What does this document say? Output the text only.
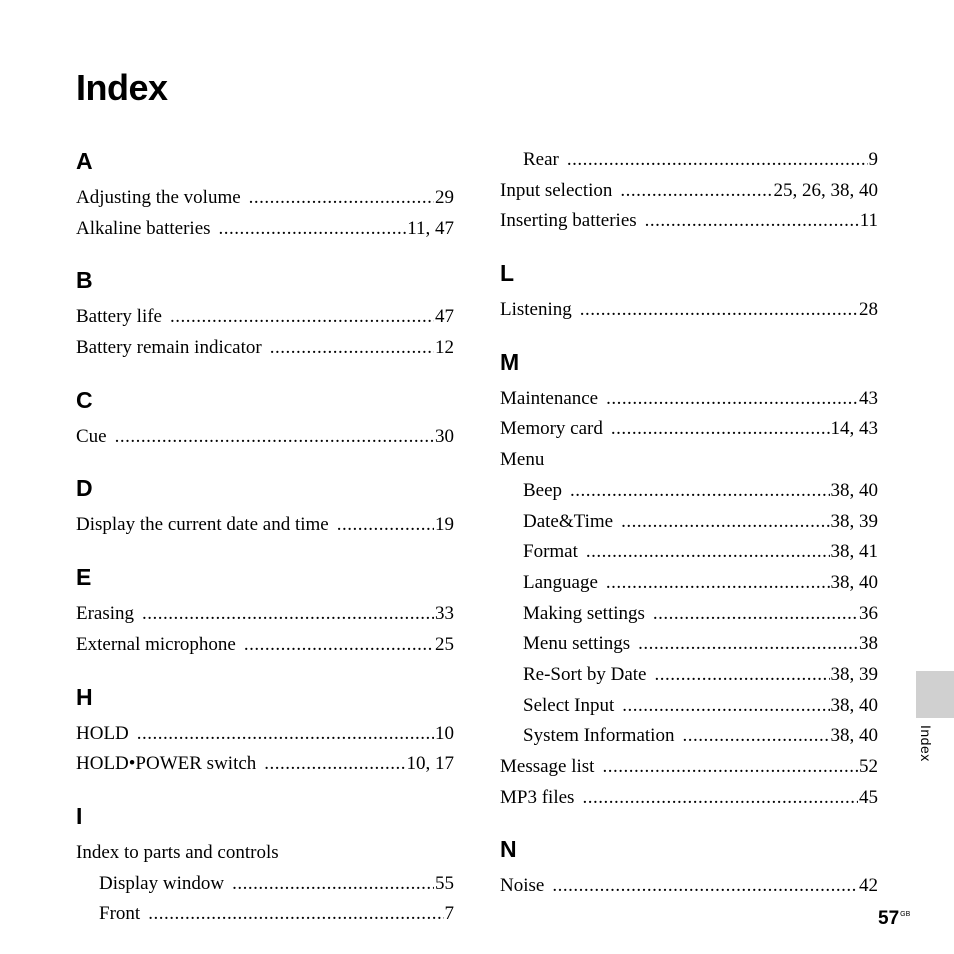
Index
A
Adjusting the volume .....	29
Alkaline batteries .....	11, 47
B
Battery life .....	47
Battery remain indicator .....	12
C
Cue .....	30
D
Display the current date and time .....	19
E
Erasing .....	33
External microphone .....	25
H
HOLD .....	10
HOLD•POWER switch .....	10, 17
I
Index to parts and controls
Display window .....	55
Front .....	7
Rear .....	9
Input selection .....	25, 26, 38, 40
Inserting batteries .....	11
L
Listening .....	28
M
Maintenance .....	43
Memory card .....	14, 43
Menu
Beep .....	38, 40
Date&Time .....	38, 39
Format .....	38, 41
Language .....	38, 40
Making settings .....	36
Menu settings .....	38
Re-Sort by Date .....	38, 39
Select Input .....	38, 40
System Information .....	38, 40
Message list .....	52
MP3 files .....	45
N
Noise .....	42
Index
$57^{GB}$
